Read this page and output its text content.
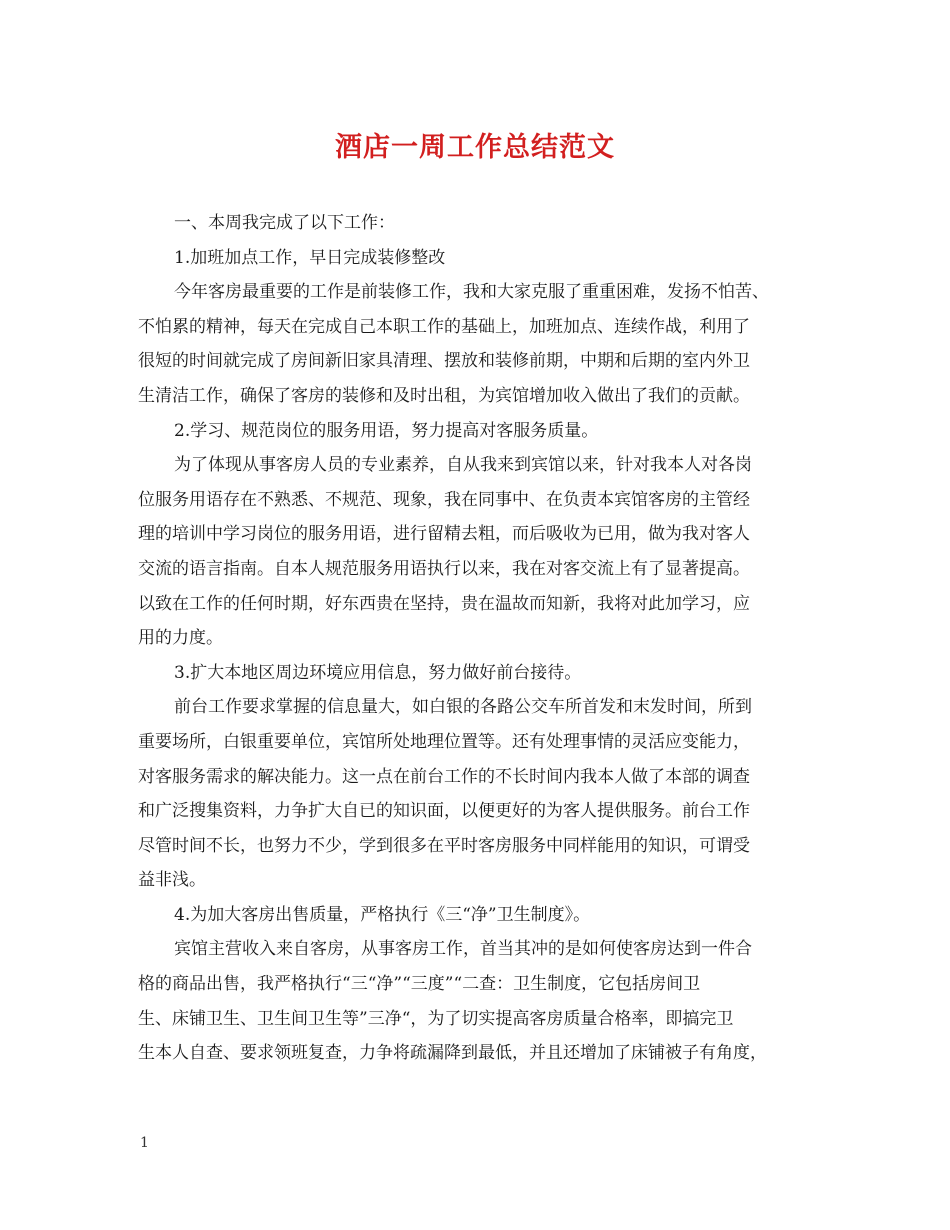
酒店一周工作总结范文
一、本周我完成了以下工作：
1.加班加点工作，早日完成装修整改
今年客房最重要的工作是前装修工作，我和大家克服了重重困难，发扬不怕苦、
不怕累的精神，每天在完成自己本职工作的基础上，加班加点、连续作战，利用了
很短的时间就完成了房间新旧家具清理、摆放和装修前期，中期和后期的室内外卫
生清洁工作，确保了客房的装修和及时出租，为宾馆增加收入做出了我们的贡献。
2.学习、规范岗位的服务用语，努力提高对客服务质量。
为了体现从事客房人员的专业素养，自从我来到宾馆以来，针对我本人对各岗
位服务用语存在不熟悉、不规范、现象，我在同事中、在负责本宾馆客房的主管经
理的培训中学习岗位的服务用语，进行留精去粗，而后吸收为已用，做为我对客人
交流的语言指南。自本人规范服务用语执行以来，我在对客交流上有了显著提高。
以致在工作的任何时期，好东西贵在坚持，贵在温故而知新，我将对此加学习，应
用的力度。
3.扩大本地区周边环境应用信息，努力做好前台接待。
前台工作要求掌握的信息量大，如白银的各路公交车所首发和末发时间，所到
重要场所，白银重要单位，宾馆所处地理位置等。还有处理事情的灵活应变能力，
对客服务需求的解决能力。这一点在前台工作的不长时间内我本人做了本部的调查
和广泛搜集资料，力争扩大自已的知识面，以便更好的为客人提供服务。前台工作
尽管时间不长，也努力不少，学到很多在平时客房服务中同样能用的知识，可谓受
益非浅。
4.为加大客房出售质量，严格执行《三“净”卫生制度》。
宾馆主营收入来自客房，从事客房工作，首当其冲的是如何使客房达到一件合
格的商品出售，我严格执行“三“净”“三度”“二查：卫生制度，它包括房间卫
生、床铺卫生、卫生间卫生等”三净“，为了切实提高客房质量合格率，即搞完卫
生本人自查、要求领班复查，力争将疏漏降到最低，并且还增加了床铺被子有角度，
1
